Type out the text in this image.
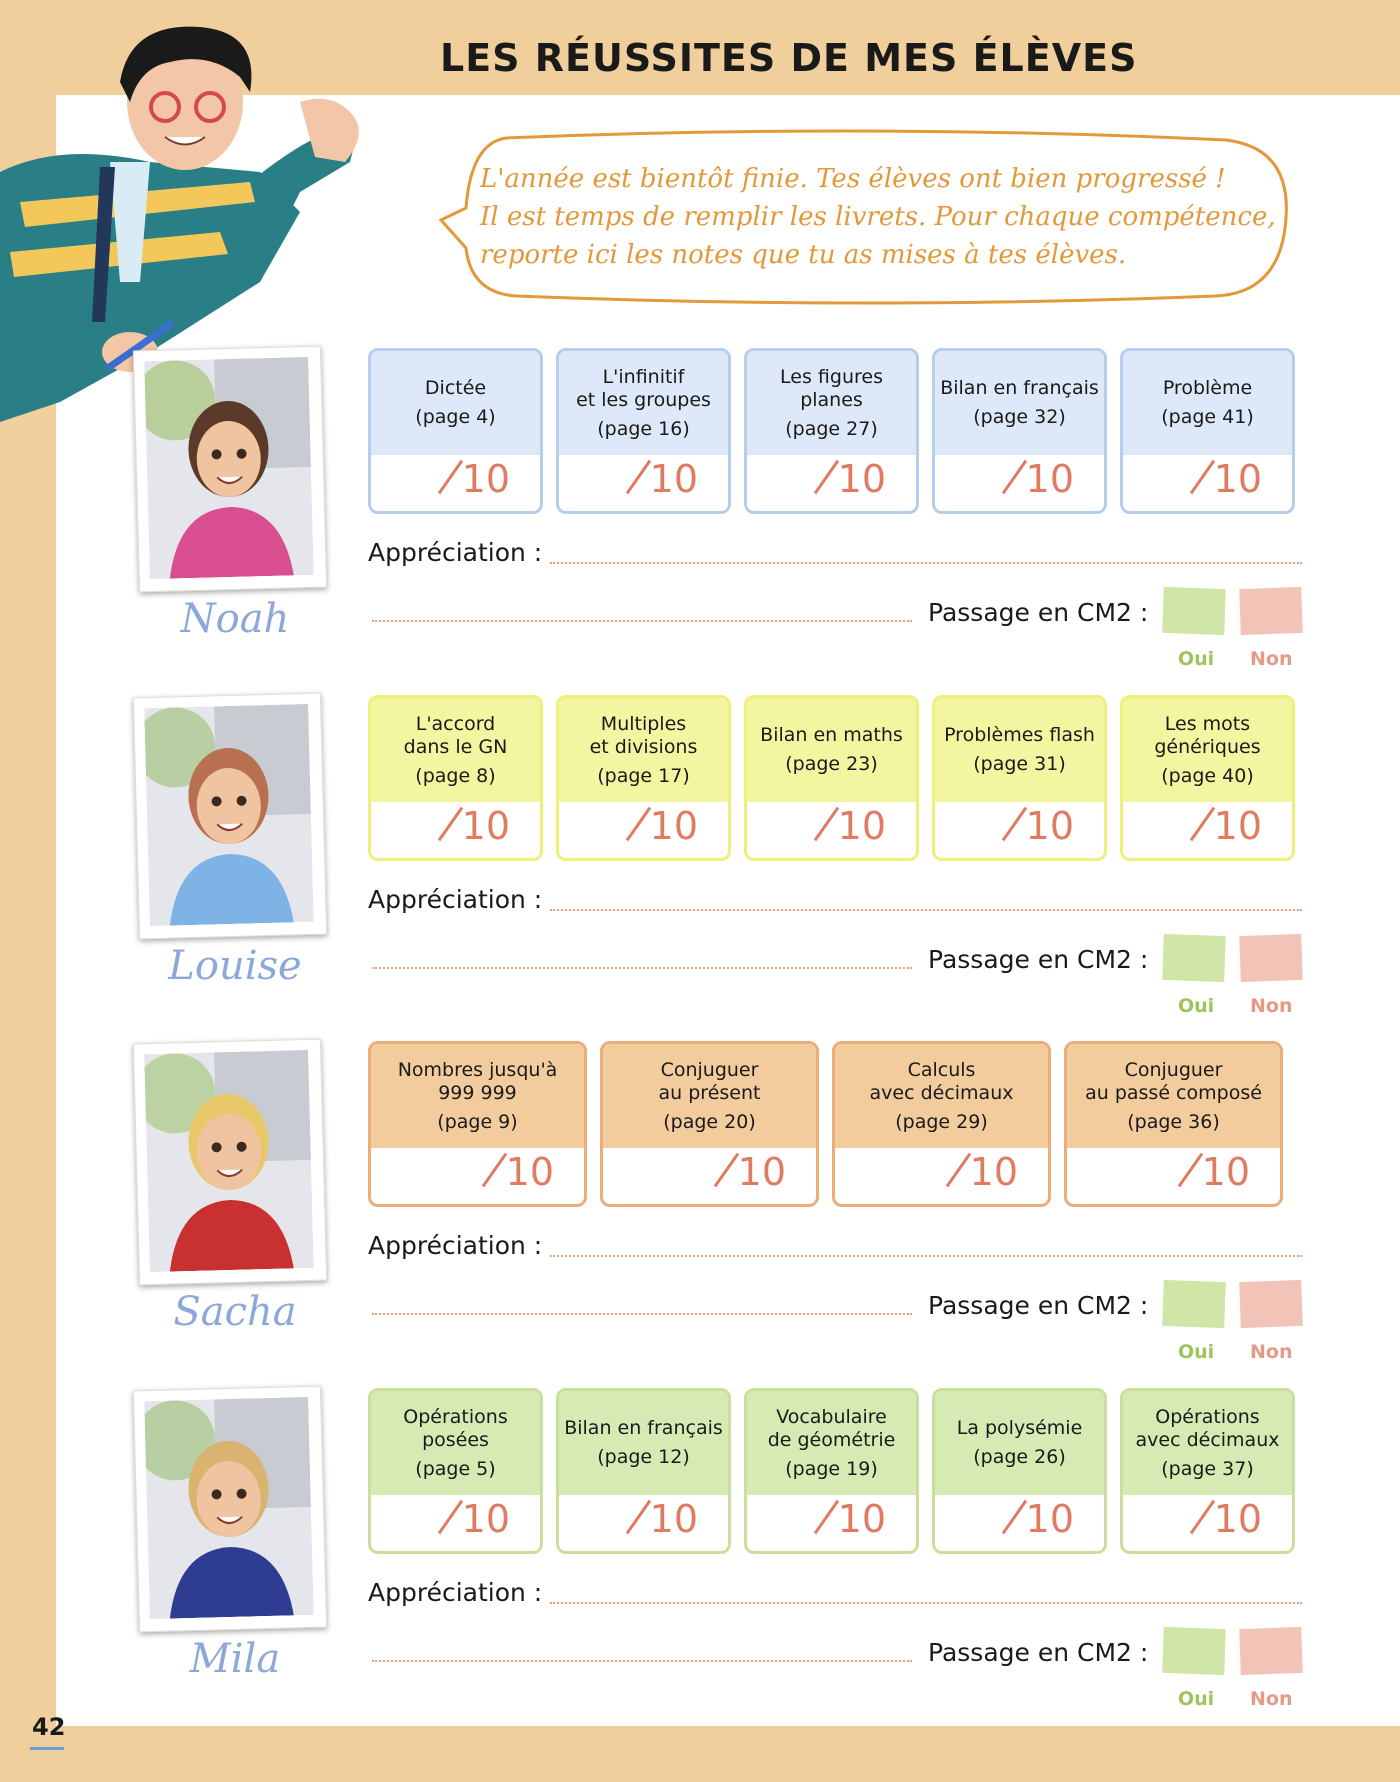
LES RÉUSSITES DE MES ÉLÈVES
L'année est bientôt finie. Tes élèves ont bien progressé !
Il est temps de remplir les livrets. Pour chaque compétence,
reporte ici les notes que tu as mises à tes élèves.
Noah
Dictée
(page 4)
10
L'infinitif
et les groupes
(page 16)
10
Les figures
planes
(page 27)
10
Bilan en français
(page 32)
10
Problème
(page 41)
10
Appréciation :
Passage en CM2 :
Oui Non
Louise
L'accord
dans le GN
(page 8)
10
Multiples
et divisions
(page 17)
10
Bilan en maths
(page 23)
10
Problèmes flash
(page 31)
10
Les mots
génériques
(page 40)
10
Appréciation :
Passage en CM2 :
Oui Non
Sacha
Nombres jusqu'à
999 999
(page 9)
10
Conjuguer
au présent
(page 20)
10
Calculs
avec décimaux
(page 29)
10
Conjuguer
au passé composé
(page 36)
10
Appréciation :
Passage en CM2 :
Oui Non
Mila
Opérations
posées
(page 5)
10
Bilan en français
(page 12)
10
Vocabulaire
de géométrie
(page 19)
10
La polysémie
(page 26)
10
Opérations
avec décimaux
(page 37)
10
Appréciation :
Passage en CM2 :
Oui Non
42
